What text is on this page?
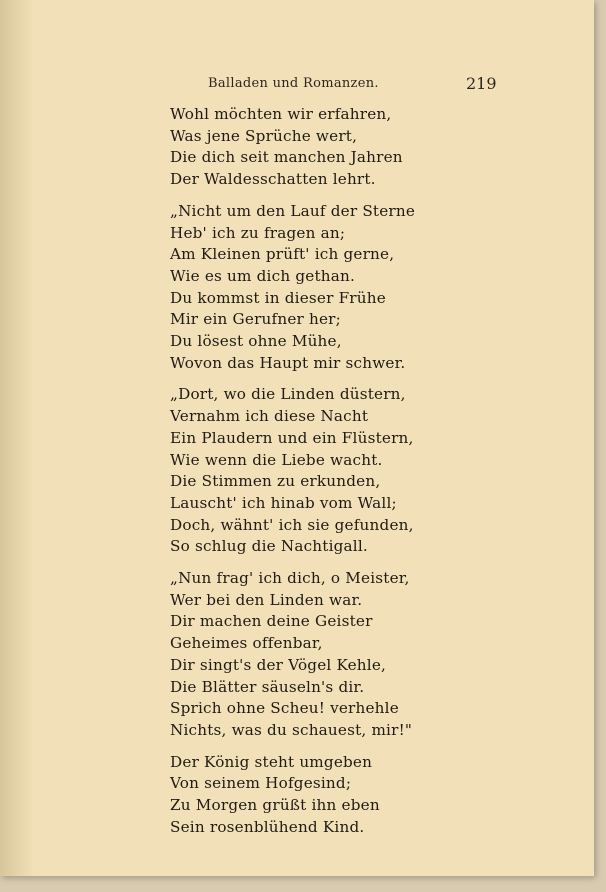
Balladen und Romanzen.	219
Wohl möchten wir erfahren,
Was jene Sprüche wert,
Die dich seit manchen Jahren
Der Waldesschatten lehrt.
„Nicht um den Lauf der Sterne
Heb' ich zu fragen an;
Am Kleinen prüft' ich gerne,
Wie es um dich gethan.
Du kommst in dieser Frühe
Mir ein Gerufner her;
Du lösest ohne Mühe,
Wovon das Haupt mir schwer.
„Dort, wo die Linden düstern,
Vernahm ich diese Nacht
Ein Plaudern und ein Flüstern,
Wie wenn die Liebe wacht.
Die Stimmen zu erkunden,
Lauscht' ich hinab vom Wall;
Doch, wähnt' ich sie gefunden,
So schlug die Nachtigall.
„Nun frag' ich dich, o Meister,
Wer bei den Linden war.
Dir machen deine Geister
Geheimes offenbar,
Dir singt's der Vögel Kehle,
Die Blätter säuseln's dir.
Sprich ohne Scheu! verhehle
Nichts, was du schauest, mir!"
Der König steht umgeben
Von seinem Hofgesind;
Zu Morgen grüßt ihn eben
Sein rosenblühend Kind.
